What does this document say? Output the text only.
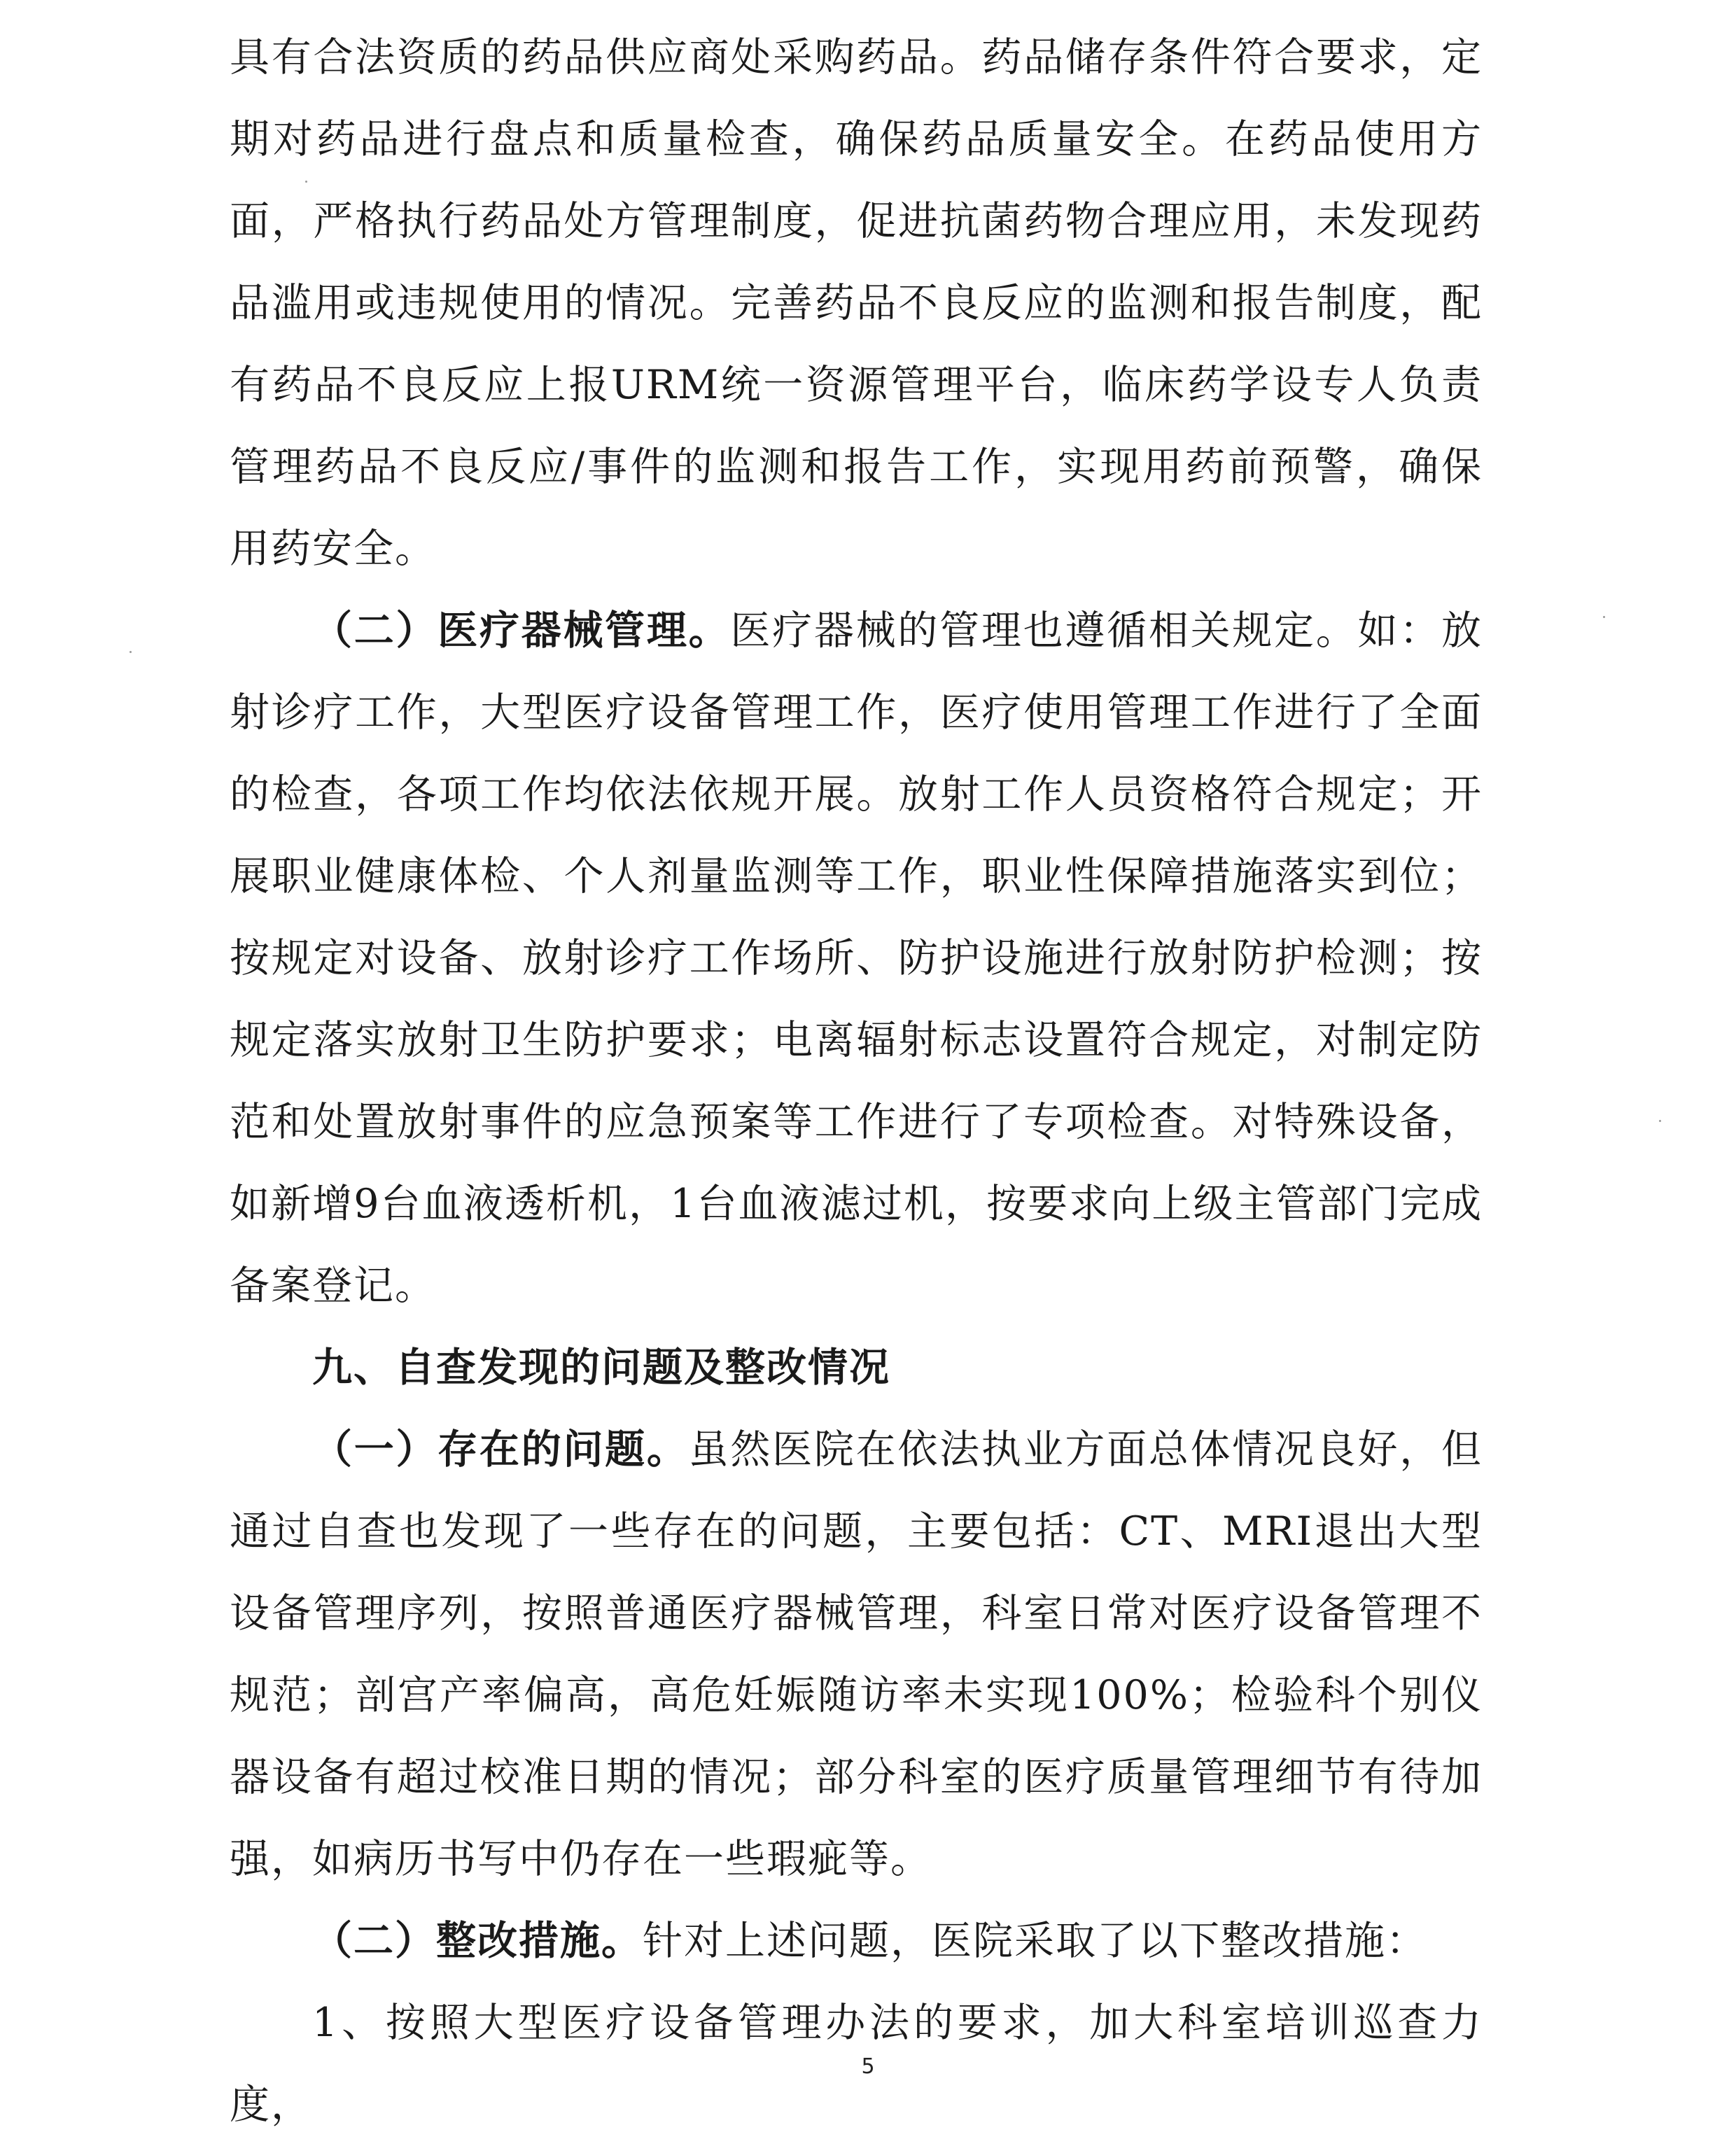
具有合法资质的药品供应商处采购药品。药品储存条件符合要求，定期对药品进行盘点和质量检查，确保药品质量安全。在药品使用方面，严格执行药品处方管理制度，促进抗菌药物合理应用，未发现药品滥用或违规使用的情况。完善药品不良反应的监测和报告制度，配有药品不良反应上报URM统一资源管理平台，临床药学设专人负责管理药品不良反应/事件的监测和报告工作，实现用药前预警，确保用药安全。

（二）医疗器械管理。医疗器械的管理也遵循相关规定。如：放射诊疗工作，大型医疗设备管理工作，医疗使用管理工作进行了全面的检查，各项工作均依法依规开展。放射工作人员资格符合规定；开展职业健康体检、个人剂量监测等工作，职业性保障措施落实到位；按规定对设备、放射诊疗工作场所、防护设施进行放射防护检测；按规定落实放射卫生防护要求；电离辐射标志设置符合规定，对制定防范和处置放射事件的应急预案等工作进行了专项检查。对特殊设备，如新增9台血液透析机，1台血液滤过机，按要求向上级主管部门完成备案登记。

九、自查发现的问题及整改情况

（一）存在的问题。虽然医院在依法执业方面总体情况良好，但通过自查也发现了一些存在的问题，主要包括：CT、MRI退出大型设备管理序列，按照普通医疗器械管理，科室日常对医疗设备管理不规范；剖宫产率偏高，高危妊娠随访率未实现100%；检验科个别仪器设备有超过校准日期的情况；部分科室的医疗质量管理细节有待加强，如病历书写中仍存在一些瑕疵等。

（二）整改措施。针对上述问题，医院采取了以下整改措施：

1、按照大型医疗设备管理办法的要求，加大科室培训巡查力度，

5
